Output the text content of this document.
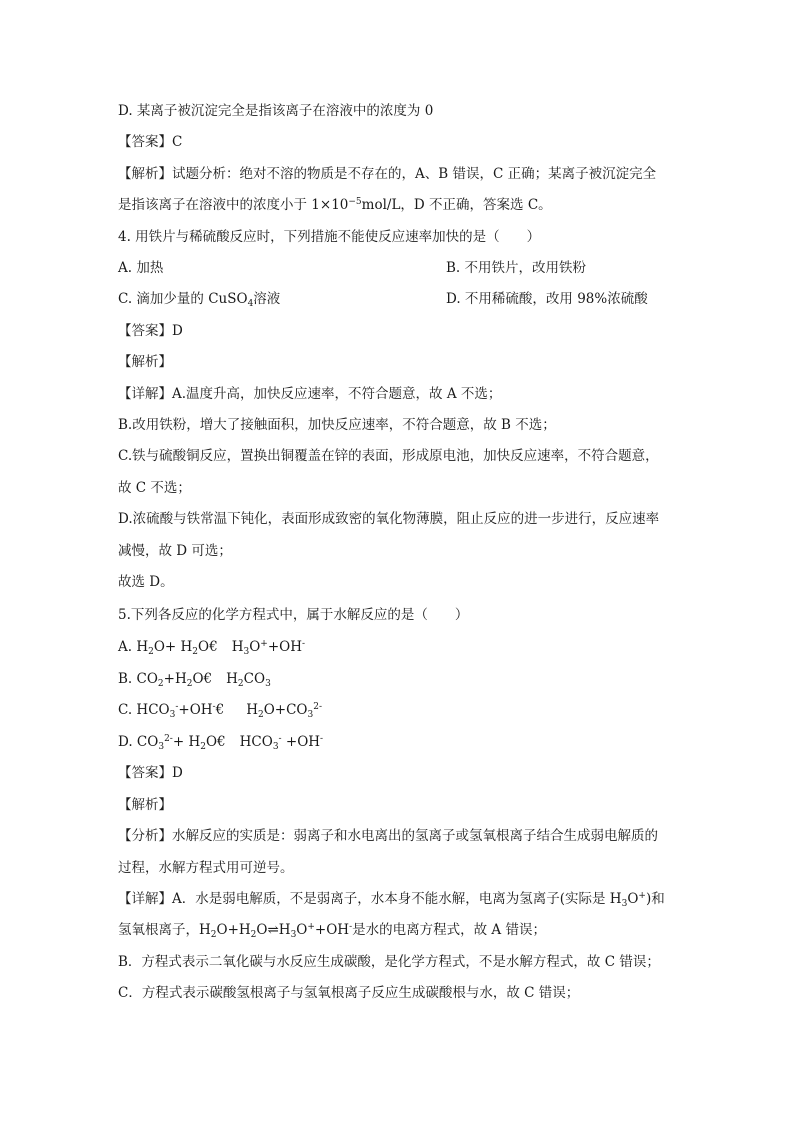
D. 某离子被沉淀完全是指该离子在溶液中的浓度为 0
【答案】C
【解析】试题分析：绝对不溶的物质是不存在的，A、B 错误，C 正确；某离子被沉淀完全
是指该离子在溶液中的浓度小于 $1\times 10^{-5}mol/L$，D 不正确，答案选 C。
4. 用铁片与稀硫酸反应时，下列措施不能使反应速率加快的是（　　）
A. 加热	B. 不用铁片，改用铁粉
C. 滴加少量的 CuSO$_4$溶液	D. 不用稀硫酸，改用 98%浓硫酸
【答案】D
【解析】
【详解】A.温度升高，加快反应速率，不符合题意，故 A 不选；
B.改用铁粉，增大了接触面积，加快反应速率，不符合题意，故 B 不选；
C.铁与硫酸铜反应，置换出铜覆盖在锌的表面，形成原电池，加快反应速率，不符合题意，
故 C 不选；
D.浓硫酸与铁常温下钝化，表面形成致密的氧化物薄膜，阻止反应的进一步进行，反应速率
减慢，故 D 可选；
故选 D。
5.下列各反应的化学方程式中，属于水解反应的是（　　）
A. $H_2O+$ $H_2O€$ $H_3O^++OH^-$
B. $CO_2+H_2O€$ $H_2CO_3$
C. $HCO_3^-+OH^-€$ $H_2O+CO_3^{2-}$
D. $CO_3^{2-}+$ $H_2O€$ $HCO_3^- +OH^-$
【答案】D
【解析】
【分析】水解反应的实质是：弱离子和水电离出的氢离子或氢氧根离子结合生成弱电解质的
过程，水解方程式用可逆号。
【详解】A．水是弱电解质，不是弱离子，水本身不能水解，电离为氢离子(实际是 $H_3O^+$)和
氢氧根离子，$H_2O+H_2O\rightleftharpoons H_3O^++OH^-$是水的电离方程式，故 A 错误；
B．方程式表示二氧化碳与水反应生成碳酸，是化学方程式，不是水解方程式，故 C 错误；
C．方程式表示碳酸氢根离子与氢氧根离子反应生成碳酸根与水，故 C 错误；
